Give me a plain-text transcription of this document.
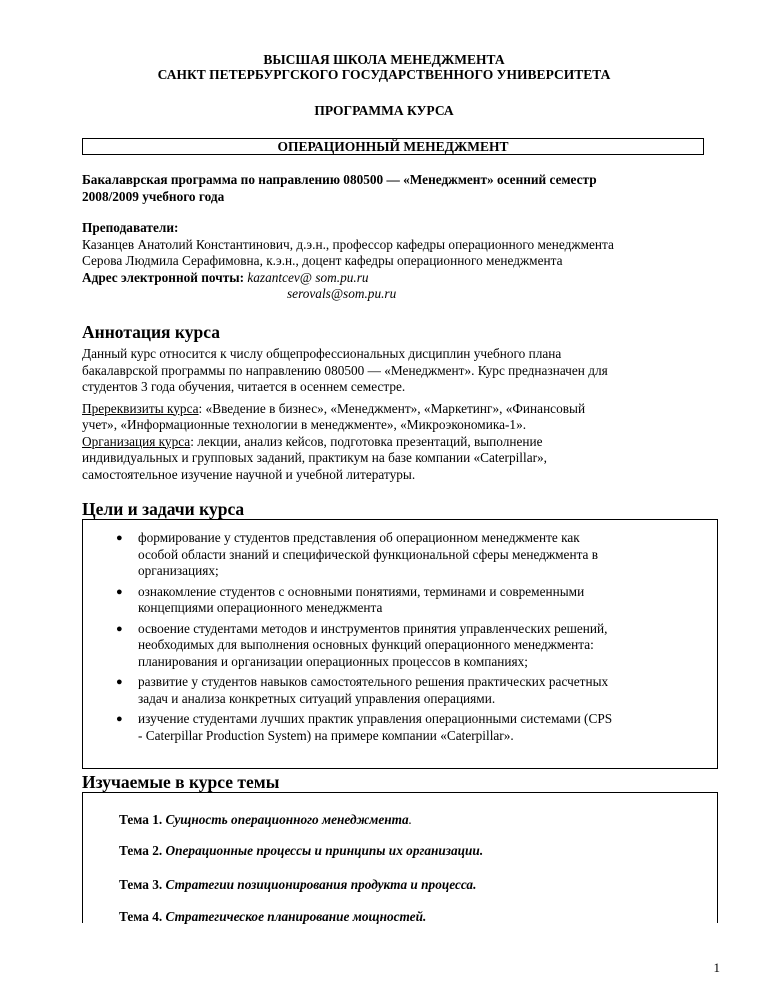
ВЫСШАЯ ШКОЛА МЕНЕДЖМЕНТА
САНКТ ПЕТЕРБУРГСКОГО ГОСУДАРСТВЕННОГО УНИВЕРСИТЕТА
ПРОГРАММА КУРСА
ОПЕРАЦИОННЫЙ МЕНЕДЖМЕНТ
Бакалаврская программа по направлению 080500 — «Менеджмент» осенний семестр
2008/2009 учебного года
Преподаватели:
Казанцев Анатолий Константинович, д.э.н., профессор кафедры операционного менеджмента
Серова Людмила Серафимовна, к.э.н., доцент кафедры операционного менеджмента
Адрес электронной почты: kazantcev@ som.pu.ru
serovals@som.pu.ru
Аннотация курса
Данный курс относится к числу общепрофессиональных дисциплин учебного плана
бакалаврской программы по направлению 080500 — «Менеджмент». Курс предназначен для
студентов 3 года обучения, читается в осеннем семестре.
Пререквизиты курса: «Введение в бизнес», «Менеджмент», «Маркетинг», «Финансовый
учет», «Информационные технологии в менеджменте», «Микроэкономика-1».
Организация курса: лекции, анализ кейсов, подготовка презентаций, выполнение
индивидуальных и групповых заданий, практикум на базе компании «Caterpillar»,
самостоятельное изучение научной и учебной литературы.
Цели и задачи курса
● формирование у студентов представления об операционном менеджменте как
особой области знаний и специфической функциональной сферы менеджмента в
организациях;
● ознакомление студентов с основными понятиями, терминами и современными
концепциями операционного менеджмента
● освоение студентами методов и инструментов принятия управленческих решений,
необходимых для выполнения основных функций операционного менеджмента:
планирования и организации операционных процессов в компаниях;
● развитие у студентов навыков самостоятельного решения практических расчетных
задач и анализа конкретных ситуаций управления операциями.
● изучение студентами лучших практик управления операционными системами (CPS
- Caterpillar Production System) на примере компании «Caterpillar».
Изучаемые в курсе темы
Тема 1. Сущность операционного менеджмента.
Тема 2. Операционные процессы и принципы их организации.
Тема 3. Стратегии позиционирования продукта и процесса.
Тема 4. Стратегическое планирование мощностей.
1
